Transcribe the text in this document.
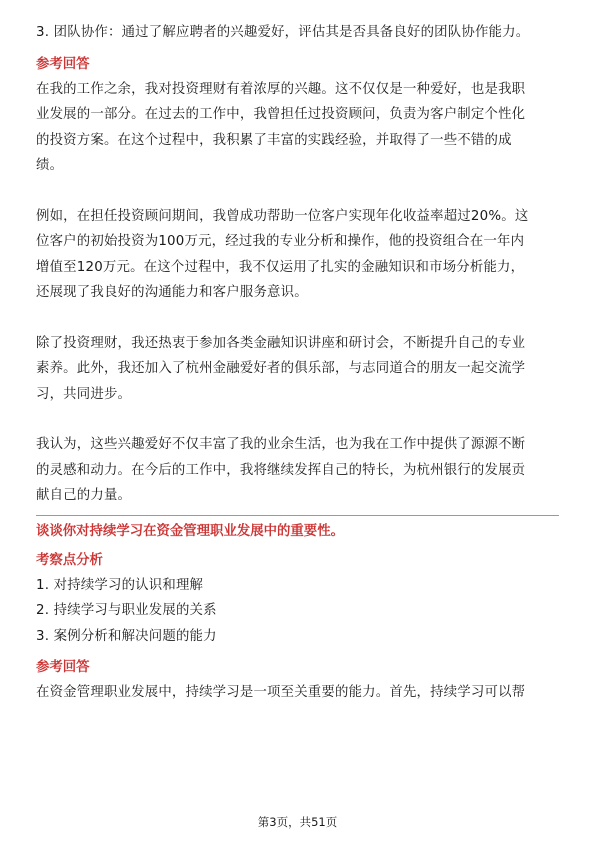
3. 团队协作：通过了解应聘者的兴趣爱好，评估其是否具备良好的团队协作能力。
参考回答
在我的工作之余，我对投资理财有着浓厚的兴趣。这不仅仅是一种爱好，也是我职
业发展的一部分。在过去的工作中，我曾担任过投资顾问，负责为客户制定个性化
的投资方案。在这个过程中，我积累了丰富的实践经验，并取得了一些不错的成
绩。
例如，在担任投资顾问期间，我曾成功帮助一位客户实现年化收益率超过20%。这
位客户的初始投资为100万元，经过我的专业分析和操作，他的投资组合在一年内
增值至120万元。在这个过程中，我不仅运用了扎实的金融知识和市场分析能力，
还展现了我良好的沟通能力和客户服务意识。
除了投资理财，我还热衷于参加各类金融知识讲座和研讨会，不断提升自己的专业
素养。此外，我还加入了杭州金融爱好者的俱乐部，与志同道合的朋友一起交流学
习，共同进步。
我认为，这些兴趣爱好不仅丰富了我的业余生活，也为我在工作中提供了源源不断
的灵感和动力。在今后的工作中，我将继续发挥自己的特长，为杭州银行的发展贡
献自己的力量。
谈谈你对持续学习在资金管理职业发展中的重要性。
考察点分析
1. 对持续学习的认识和理解
2. 持续学习与职业发展的关系
3. 案例分析和解决问题的能力
参考回答
在资金管理职业发展中，持续学习是一项至关重要的能力。首先，持续学习可以帮
第3页，共51页
